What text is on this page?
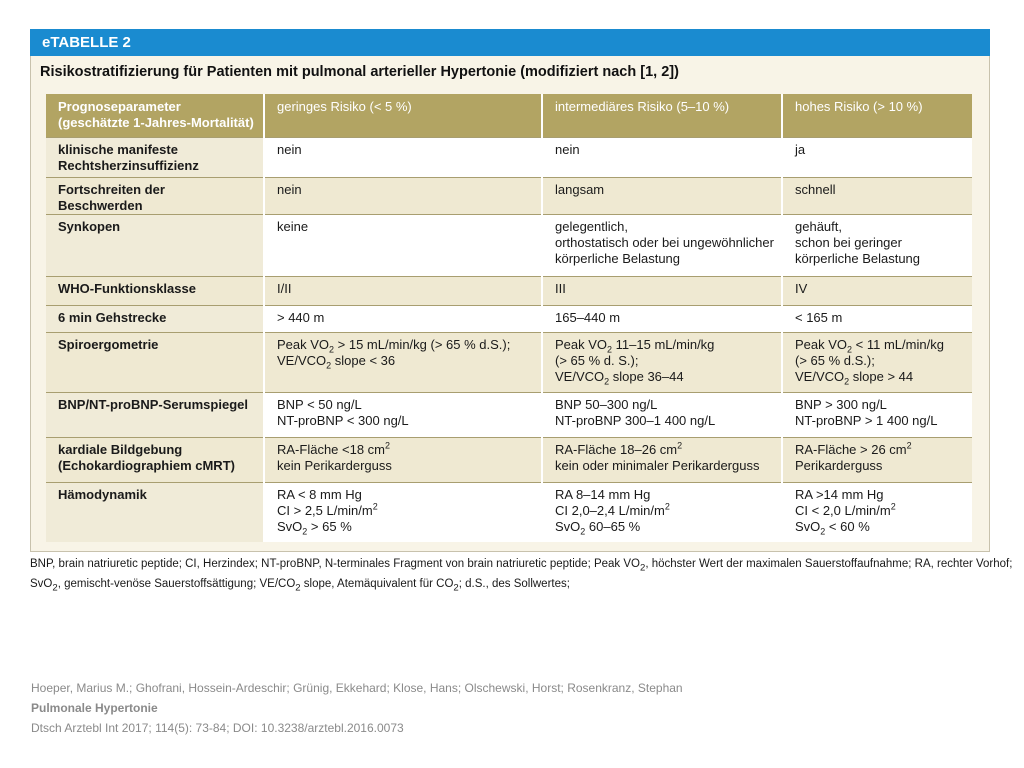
eTABELLE 2
Risikostratifizierung für Patienten mit pulmonal arterieller Hypertonie (modifiziert nach [1, 2])
Prognoseparameter
(geschätzte 1-Jahres-Mortalität)	geringes Risiko (< 5 %)	intermediäres Risiko (5–10 %)	hohes Risiko (> 10 %)

klinische manifeste
Rechtsherzinsuffizienz	nein	nein	ja
Fortschreiten der Beschwerden	nein	langsam	schnell
Synkopen	keine	gelegentlich,
orthostatisch oder bei ungewöhnlicher
körperliche Belastung	gehäuft,
schon bei geringer
körperliche Belastung

WHO-Funktionsklasse	I/II	III	IV
6 min Gehstrecke	> 440 m	165–440 m	< 165 m
Spiroergometrie	Peak $VO_2 > 15$ mL/min/kg (> 65 % d.S.);
$VE/VCO_2$ slope < 36	Peak $VO_2$ 11–15 mL/min/kg
(> 65 % d. S.);
$VE/VCO_2$ slope 36–44	Peak $VO_2 < 11$ mL/min/kg
(> 65 % d.S.);
$VE/VCO_2$ slope > 44

BNP/NT-proBNP-Serumspiegel	BNP < 50 ng/L
NT-proBNP < 300 ng/L	BNP 50–300 ng/L
NT-proBNP 300–1 400 ng/L	BNP > 300 ng/L
NT-proBNP > 1 400 ng/L

kardiale Bildgebung
(Echokardiographiem cMRT)	RA-Fläche <18 $cm^2$
kein Perikarderguss	RA-Fläche 18–26 $cm^2$
kein oder minimaler Perikarderguss	RA-Fläche > 26 $cm^2$
Perikarderguss

Hämodynamik	RA < 8 mm Hg
CI > 2,5 $L/\min/m^2$
SvO$_2$ > 65 %	RA 8–14 mm Hg
CI 2,0–2,4 $L/\min/m^2$
SvO$_2$ 60–65 %	RA >14 mm Hg
CI < 2,0 $L/\min/m^2$
SvO$_2$ < 60 %
BNP, brain natriuretic peptide; CI, Herzindex; NT-proBNP, N-terminales Fragment von brain natriuretic peptide; Peak $VO_2$, höchster Wert der maximalen Sauerstoffaufnahme; RA, rechter Vorhof;
SvO$_2$, gemischt-venöse Sauerstoffsättigung; $VE/CO_2$ slope, Atemäquivalent für $CO_2$; d.S., des Sollwertes;
Hoeper, Marius M.; Ghofrani, Hossein-Ardeschir; Grünig, Ekkehard; Klose, Hans; Olschewski, Horst; Rosenkranz, Stephan
Pulmonale Hypertonie
Dtsch Arztebl Int 2017; 114(5): 73-84; DOI: 10.3238/arztebl.2016.0073
